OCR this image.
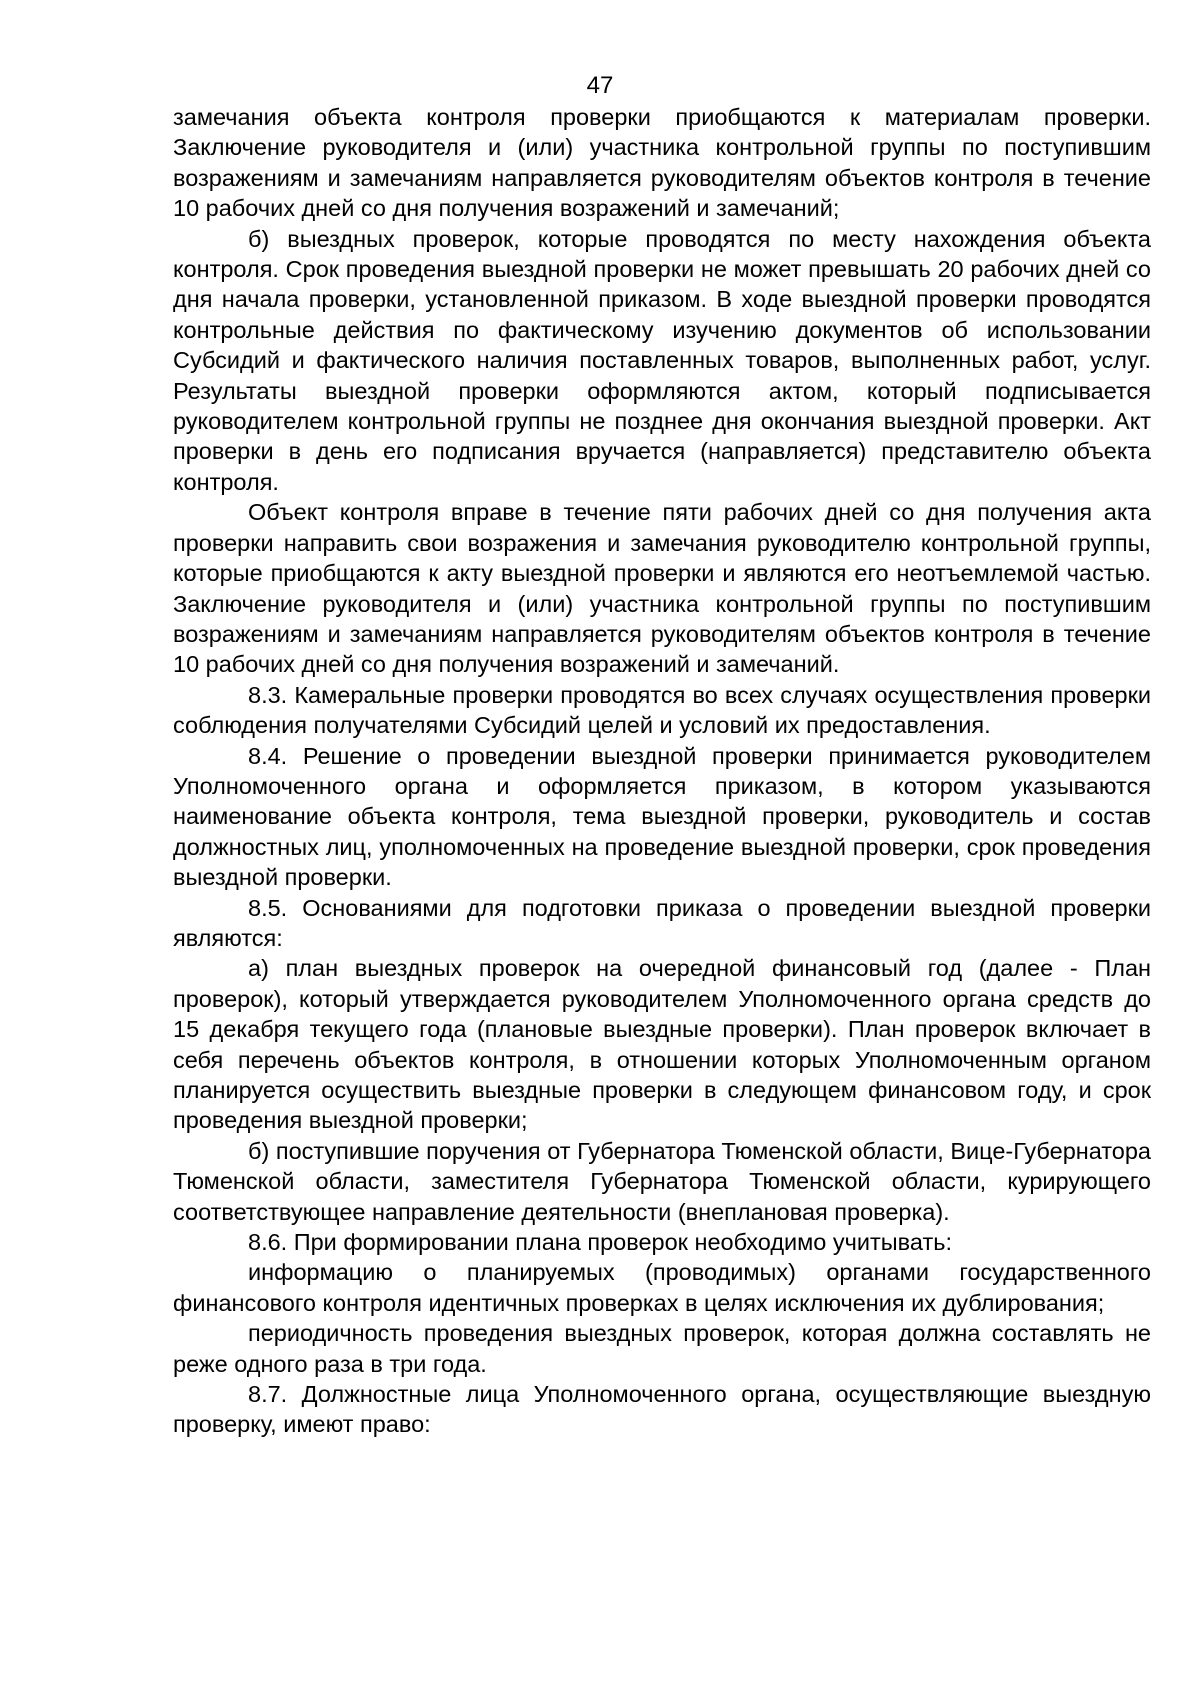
47

замечания объекта контроля проверки приобщаются к материалам проверки. Заключение руководителя и (или) участника контрольной группы по поступившим возражениям и замечаниям направляется руководителям объектов контроля в течение 10 рабочих дней со дня получения возражений и замечаний;

б) выездных проверок, которые проводятся по месту нахождения объекта контроля. Срок проведения выездной проверки не может превышать 20 рабочих дней со дня начала проверки, установленной приказом. В ходе выездной проверки проводятся контрольные действия по фактическому изучению документов об использовании Субсидий и фактического наличия поставленных товаров, выполненных работ, услуг. Результаты выездной проверки оформляются актом, который подписывается руководителем контрольной группы не позднее дня окончания выездной проверки. Акт проверки в день его подписания вручается (направляется) представителю объекта контроля.

Объект контроля вправе в течение пяти рабочих дней со дня получения акта проверки направить свои возражения и замечания руководителю контрольной группы, которые приобщаются к акту выездной проверки и являются его неотъемлемой частью. Заключение руководителя и (или) участника контрольной группы по поступившим возражениям и замечаниям направляется руководителям объектов контроля в течение 10 рабочих дней со дня получения возражений и замечаний.

8.3. Камеральные проверки проводятся во всех случаях осуществления проверки соблюдения получателями Субсидий целей и условий их предоставления.

8.4. Решение о проведении выездной проверки принимается руководителем Уполномоченного органа и оформляется приказом, в котором указываются наименование объекта контроля, тема выездной проверки, руководитель и состав должностных лиц, уполномоченных на проведение выездной проверки, срок проведения выездной проверки.

8.5. Основаниями для подготовки приказа о проведении выездной проверки являются:

а) план выездных проверок на очередной финансовый год (далее - План проверок), который утверждается руководителем Уполномоченного органа средств до 15 декабря текущего года (плановые выездные проверки). План проверок включает в себя перечень объектов контроля, в отношении которых Уполномоченным органом планируется осуществить выездные проверки в следующем финансовом году, и срок проведения выездной проверки;

б) поступившие поручения от Губернатора Тюменской области, Вице-Губернатора Тюменской области, заместителя Губернатора Тюменской области, курирующего соответствующее направление деятельности (внеплановая проверка).

8.6. При формировании плана проверок необходимо учитывать:

информацию о планируемых (проводимых) органами государственного финансового контроля идентичных проверках в целях исключения их дублирования;

периодичность проведения выездных проверок, которая должна составлять не реже одного раза в три года.

8.7. Должностные лица Уполномоченного органа, осуществляющие выездную проверку, имеют право:
